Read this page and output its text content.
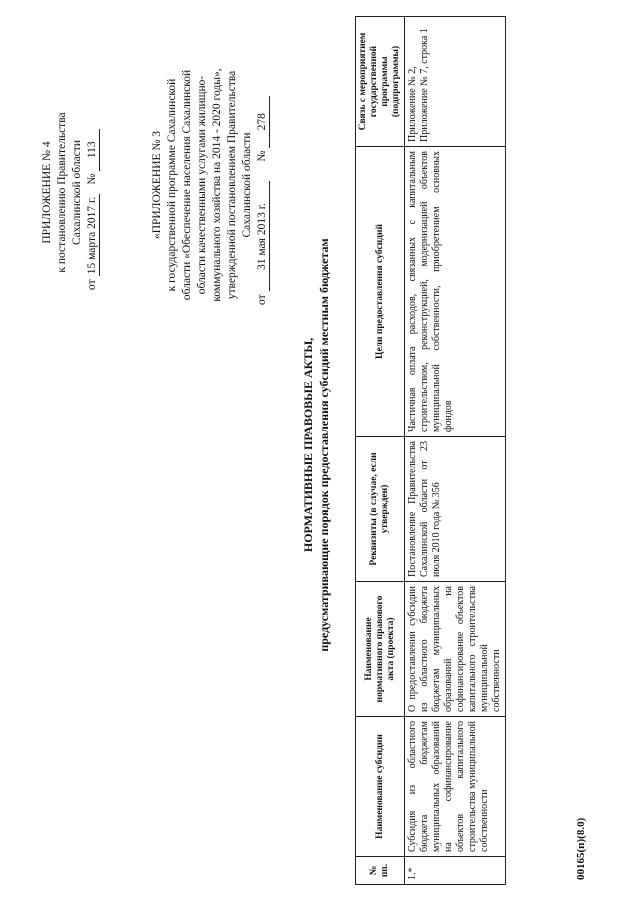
ПРИЛОЖЕНИЕ № 4 к постановлению Правительства Сахалинской области
от 15 марта 2017 г. № 113	«ПРИЛОЖЕНИЕ № 3 к государственной программе Сахалинской области «Обеспечение населения Сахалинской области качественными услугами жилищно-коммунального хозяйства на 2014 - 2020 годы», утвержденной постановлением Правительства Сахалинской области
от 31 мая 2013 г. № 278
НОРМАТИВНЫЕ ПРАВОВЫЕ АКТЫ, предусматривающие порядок предоставления субсидий местным бюджетам
№ пп.	Наименование субсидии	Наименование нормативного правового акта (проекта)	Реквизиты (в случае, если утвержден)	Цели предоставления субсидий	Связь с мероприятием государственной программы (подпрограммы)
1.*	Субсидия из областного бюджета бюджетам муниципальных образований на софинансирование объектов капитального строительства муниципальной собственности	О предоставлении субсидии из областного бюджета бюджетам муниципальных образований на софинансирование объектов капитального строительства муниципальной собственности	Постановление Правительства Сахалинской области от 23 июля 2010 года № 356	Частичная оплата расходов, связанных с капитальным строительством, реконструкцией, модернизацией объектов муниципальной собственности, приобретением основных фондов	Приложение № 2, Приложение № 7, строка 1
00165(п)(8.0)
